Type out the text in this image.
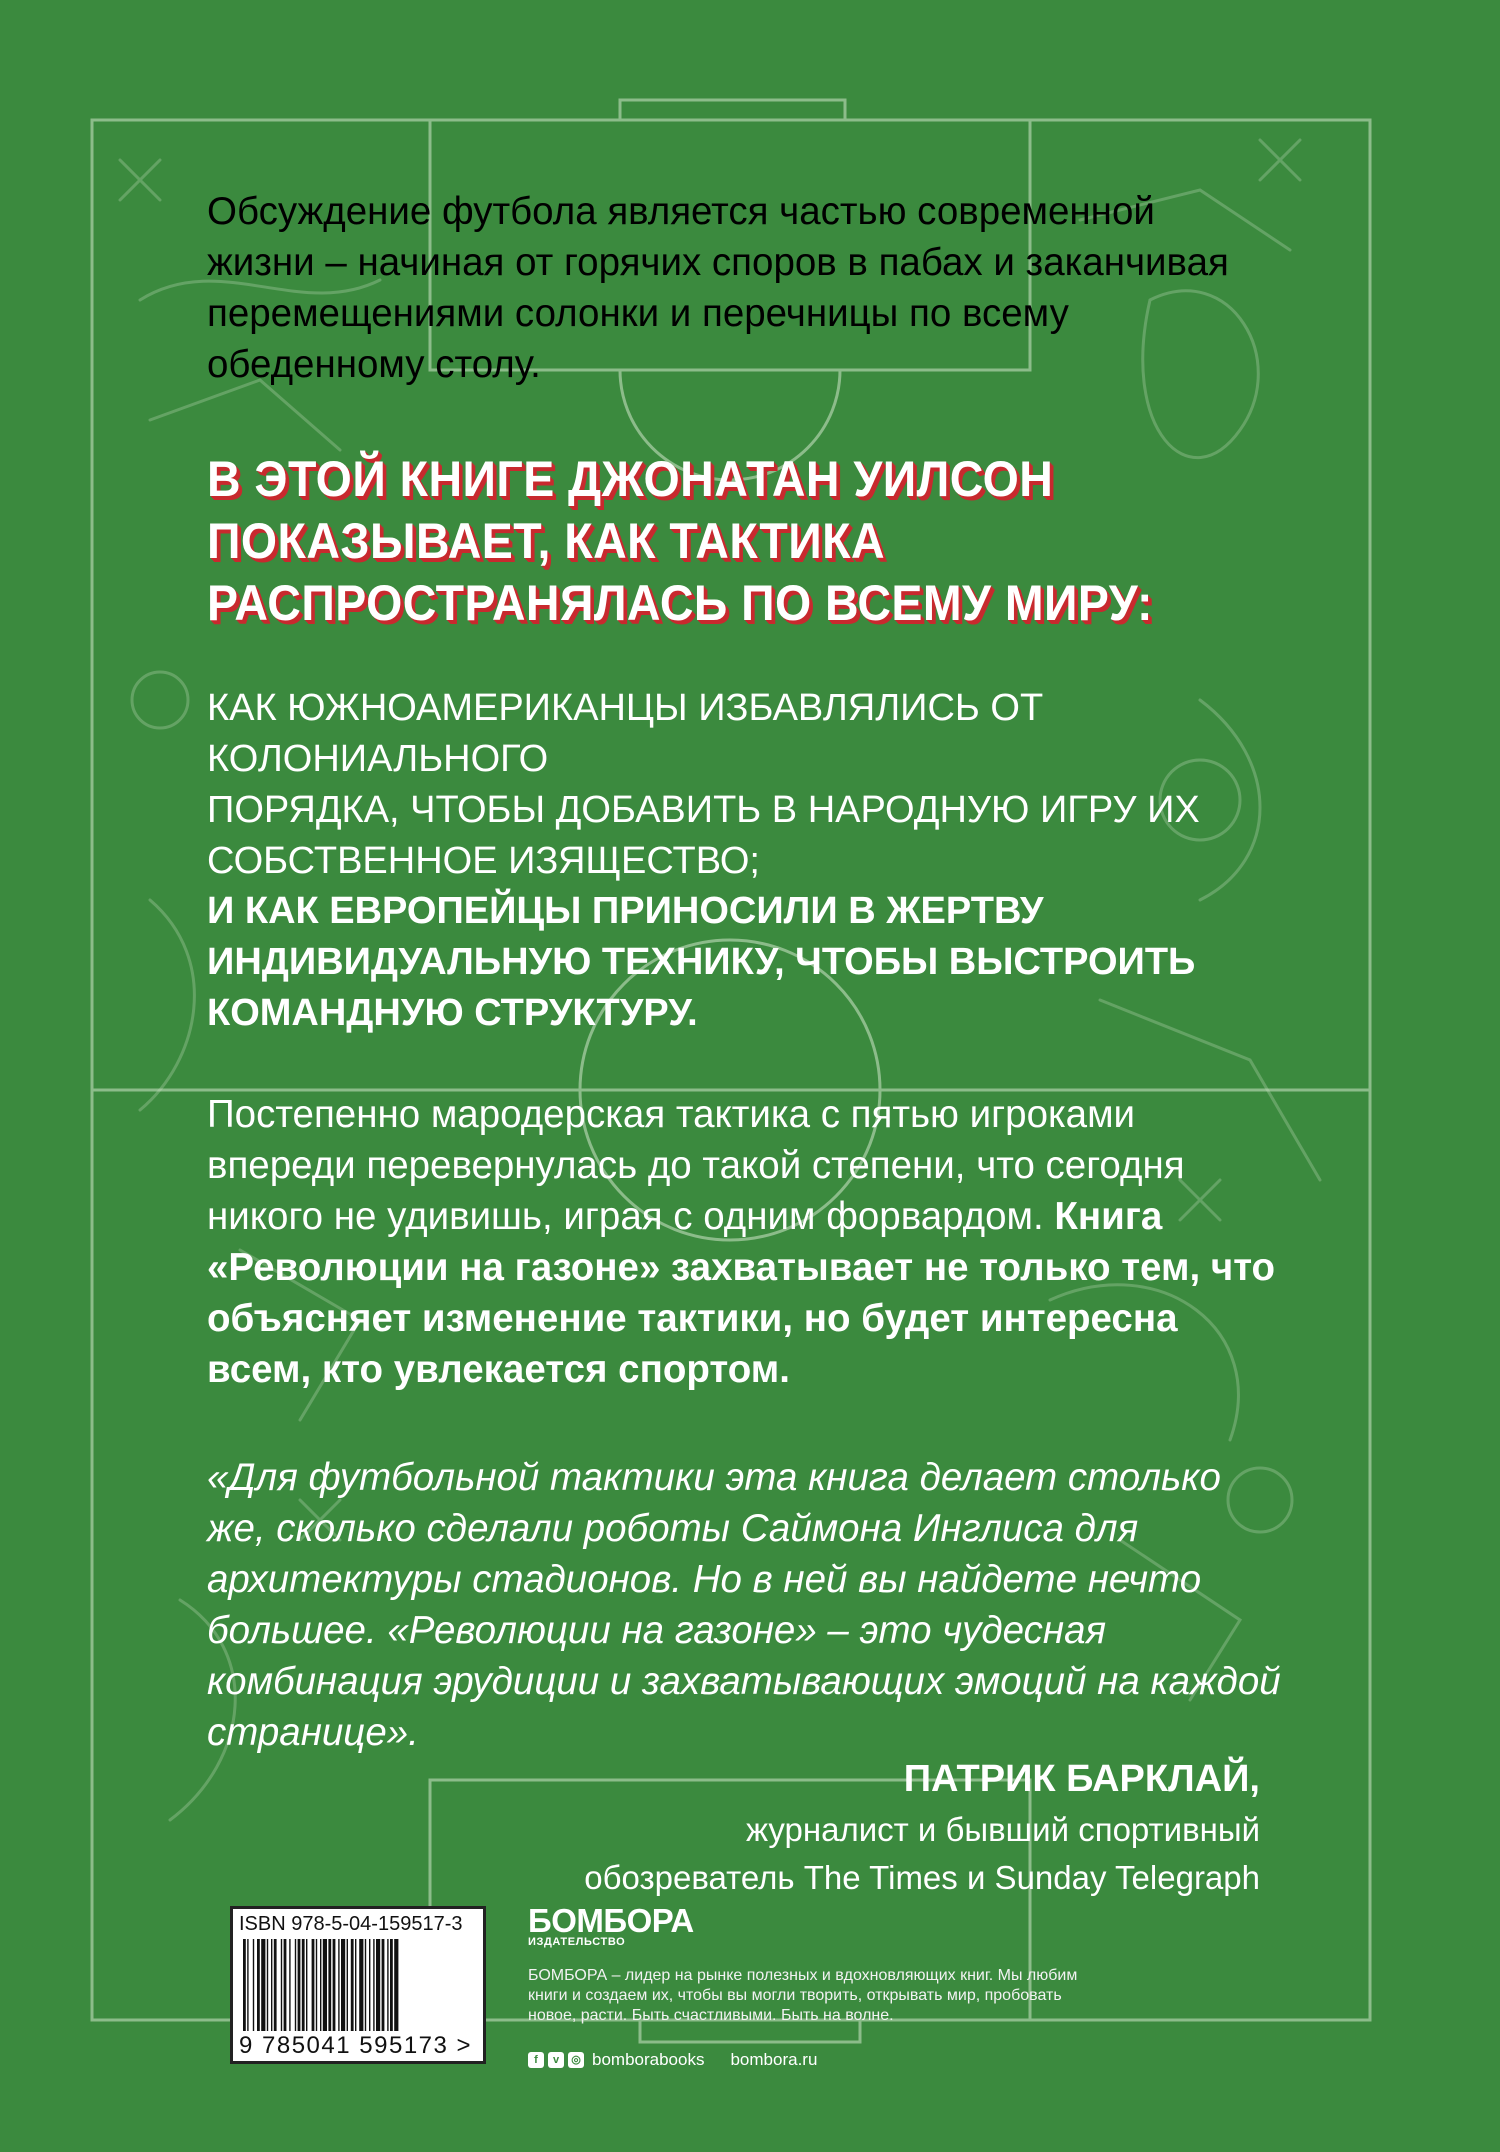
Обсуждение футбола является частью современной жизни – начиная от горячих споров в пабах и заканчивая перемещениями солонки и перечницы по всему обеденному столу.

В ЭТОЙ КНИГЕ ДЖОНАТАН УИЛСОН
ПОКАЗЫВАЕТ, КАК ТАКТИКА
РАСПРОСТРАНЯЛАСЬ ПО ВСЕМУ МИРУ:
КАК ЮЖНОАМЕРИКАНЦЫ ИЗБАВЛЯЛИСЬ ОТ КОЛОНИАЛЬНОГО
ПОРЯДКА, ЧТОБЫ ДОБАВИТЬ В НАРОДНУЮ ИГРУ ИХ
СОБСТВЕННОЕ ИЗЯЩЕСТВО;
И КАК ЕВРОПЕЙЦЫ ПРИНОСИЛИ В ЖЕРТВУ
ИНДИВИДУАЛЬНУЮ ТЕХНИКУ, ЧТОБЫ ВЫСТРОИТЬ
КОМАНДНУЮ СТРУКТУРУ.

Постепенно мародерская тактика с пятью игроками впереди перевернулась до такой степени, что сегодня никого не удивишь, играя с одним форвардом. Книга «Революции на газоне» захватывает не только тем, что объясняет изменение тактики, но будет интересна всем, кто увлекается спортом.

«Для футбольной тактики эта книга делает столько же, сколько сделали роботы Саймона Инглиса для архитектуры стадионов. Но в ней вы найдете нечто большее. «Революции на газоне» – это чудесная комбинация эрудиции и захватывающих эмоций на каждой странице».

ПАТРИК БАРКЛАЙ,
журналист и бывший спортивный
обозреватель The Times и Sunday Telegraph
ISBN 978-5-04-159517-3
9 785041 595173 >
БОМБОРА
ИЗДАТЕЛЬСТВО
БОМБОРА – лидер на рынке полезных и вдохновляющих книг. Мы любим книги и создаем их, чтобы вы могли творить, открывать мир, пробовать новое, расти. Быть счастливыми. Быть на волне.
f	v	◎ bomborabooks bombora.ru
